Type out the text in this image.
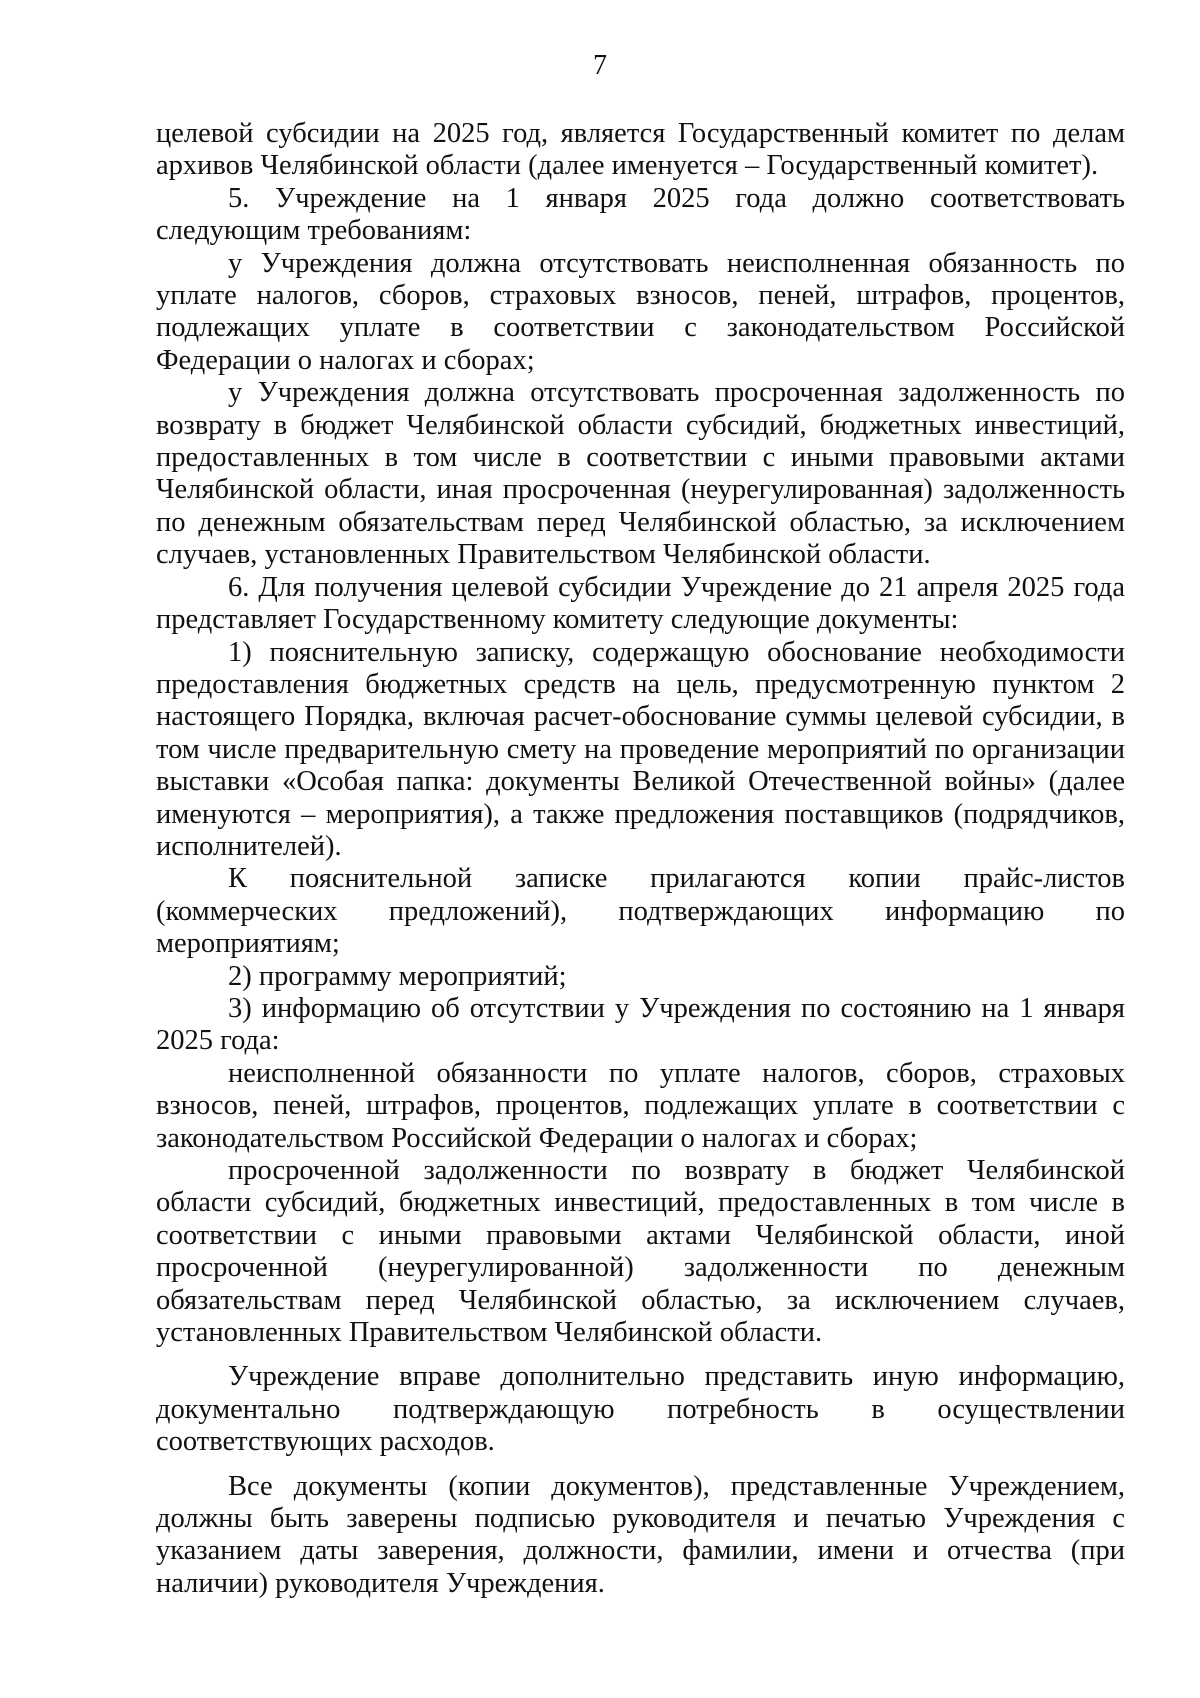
7

целевой субсидии на 2025 год, является Государственный комитет по делам архивов Челябинской области (далее именуется – Государственный комитет).

5. Учреждение на 1 января 2025 года должно соответствовать следующим требованиям:

у Учреждения должна отсутствовать неисполненная обязанность по уплате налогов, сборов, страховых взносов, пеней, штрафов, процентов, подлежащих уплате в соответствии с законодательством Российской Федерации о налогах и сборах;

у Учреждения должна отсутствовать просроченная задолженность по возврату в бюджет Челябинской области субсидий, бюджетных инвестиций, предоставленных в том числе в соответствии с иными правовыми актами Челябинской области, иная просроченная (неурегулированная) задолженность по денежным обязательствам перед Челябинской областью, за исключением случаев, установленных Правительством Челябинской области.

6. Для получения целевой субсидии Учреждение до 21 апреля 2025 года представляет Государственному комитету следующие документы:

1) пояснительную записку, содержащую обоснование необходимости предоставления бюджетных средств на цель, предусмотренную пунктом 2 настоящего Порядка, включая расчет-обоснование суммы целевой субсидии, в том числе предварительную смету на проведение мероприятий по организации выставки «Особая папка: документы Великой Отечественной войны» (далее именуются – мероприятия), а также предложения поставщиков (подрядчиков, исполнителей).

К пояснительной записке прилагаются копии прайс-листов (коммерческих предложений), подтверждающих информацию по мероприятиям;

2) программу мероприятий;

3) информацию об отсутствии у Учреждения по состоянию на 1 января 2025 года:

неисполненной обязанности по уплате налогов, сборов, страховых взносов, пеней, штрафов, процентов, подлежащих уплате в соответствии с законодательством Российской Федерации о налогах и сборах;

просроченной задолженности по возврату в бюджет Челябинской области субсидий, бюджетных инвестиций, предоставленных в том числе в соответствии с иными правовыми актами Челябинской области, иной просроченной (неурегулированной) задолженности по денежным обязательствам перед Челябинской областью, за исключением случаев, установленных Правительством Челябинской области.

Учреждение вправе дополнительно представить иную информацию, документально подтверждающую потребность в осуществлении соответствующих расходов.

Все документы (копии документов), представленные Учреждением, должны быть заверены подписью руководителя и печатью Учреждения с указанием даты заверения, должности, фамилии, имени и отчества (при наличии) руководителя Учреждения.
